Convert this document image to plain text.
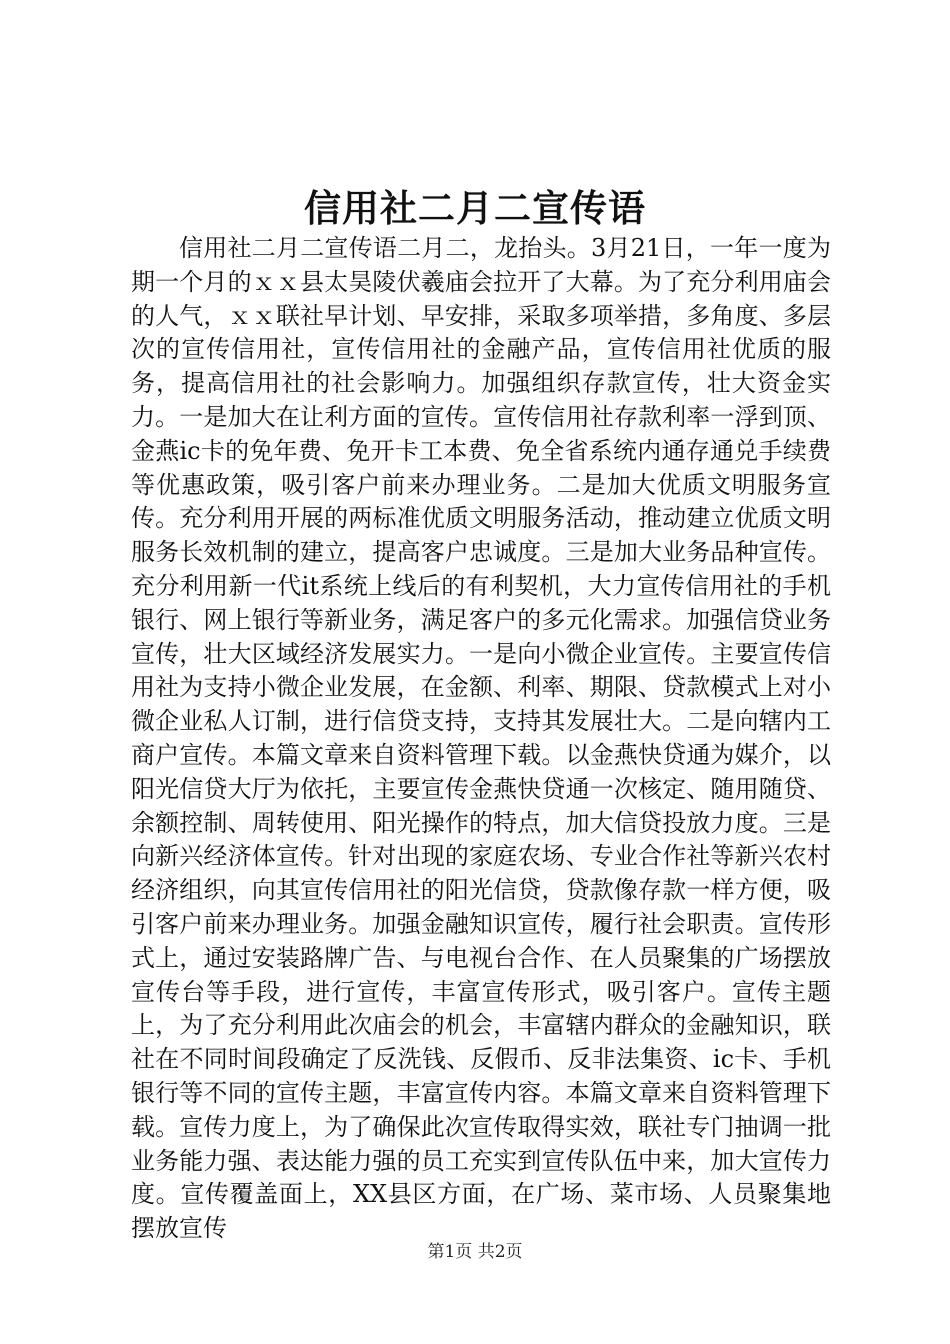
信用社二月二宣传语
信用社二月二宣传语二月二，龙抬头。3月21日，一年一度为期一个月的ｘｘ县太昊陵伏羲庙会拉开了大幕。为了充分利用庙会的人气，ｘｘ联社早计划、早安排，采取多项举措，多角度、多层次的宣传信用社，宣传信用社的金融产品，宣传信用社优质的服务，提高信用社的社会影响力。加强组织存款宣传，壮大资金实力。一是加大在让利方面的宣传。宣传信用社存款利率一浮到顶、金燕ic卡的免年费、免开卡工本费、免全省系统内通存通兑手续费等优惠政策，吸引客户前来办理业务。二是加大优质文明服务宣传。充分利用开展的两标准优质文明服务活动，推动建立优质文明服务长效机制的建立，提高客户忠诚度。三是加大业务品种宣传。充分利用新一代it系统上线后的有利契机，大力宣传信用社的手机银行、网上银行等新业务，满足客户的多元化需求。加强信贷业务宣传，壮大区域经济发展实力。一是向小微企业宣传。主要宣传信用社为支持小微企业发展，在金额、利率、期限、贷款模式上对小微企业私人订制，进行信贷支持，支持其发展壮大。二是向辖内工商户宣传。本篇文章来自资料管理下载。以金燕快贷通为媒介，以阳光信贷大厅为依托，主要宣传金燕快贷通一次核定、随用随贷、余额控制、周转使用、阳光操作的特点，加大信贷投放力度。三是向新兴经济体宣传。针对出现的家庭农场、专业合作社等新兴农村经济组织，向其宣传信用社的阳光信贷，贷款像存款一样方便，吸引客户前来办理业务。加强金融知识宣传，履行社会职责。宣传形式上，通过安装路牌广告、与电视台合作、在人员聚集的广场摆放宣传台等手段，进行宣传，丰富宣传形式，吸引客户。宣传主题上，为了充分利用此次庙会的机会，丰富辖内群众的金融知识，联社在不同时间段确定了反洗钱、反假币、反非法集资、ic卡、手机银行等不同的宣传主题，丰富宣传内容。本篇文章来自资料管理下载。宣传力度上，为了确保此次宣传取得实效，联社专门抽调一批业务能力强、表达能力强的员工充实到宣传队伍中来，加大宣传力度。宣传覆盖面上，XX县区方面，在广场、菜市场、人员聚集地摆放宣传
第1页 共2页
